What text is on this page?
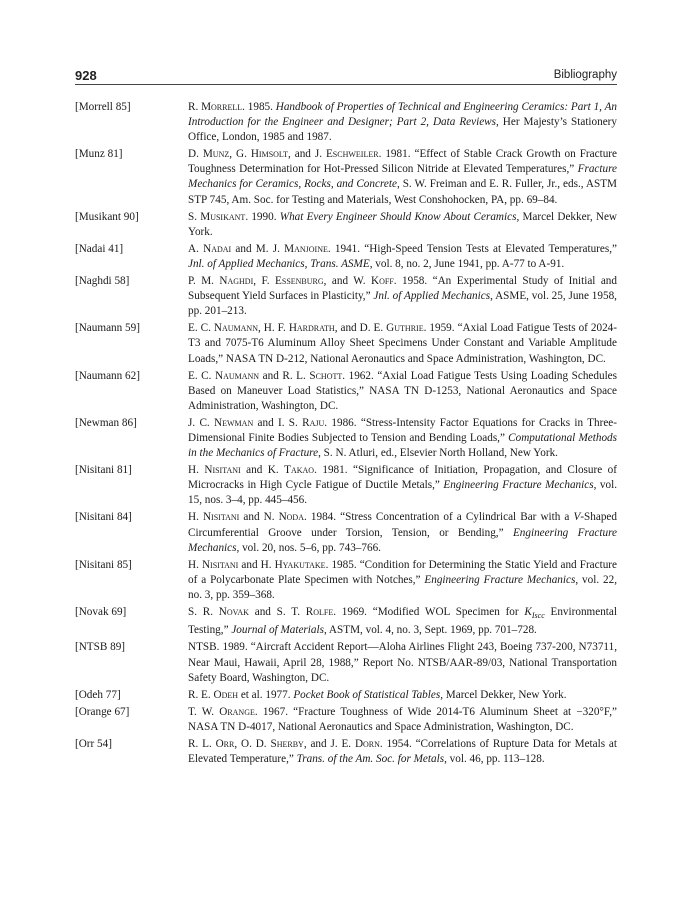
928	Bibliography
[Morrell 85]	R. Morrell. 1985. Handbook of Properties of Technical and Engineering Ceramics: Part 1, An Introduction for the Engineer and Designer; Part 2, Data Reviews, Her Majesty’s Stationery Office, London, 1985 and 1987.
[Munz 81]	D. Munz, G. Himsolt, and J. Eschweiler. 1981. “Effect of Stable Crack Growth on Fracture Toughness Determination for Hot-Pressed Silicon Nitride at Elevated Temperatures,” Fracture Mechanics for Ceramics, Rocks, and Concrete, S. W. Freiman and E. R. Fuller, Jr., eds., ASTM STP 745, Am. Soc. for Testing and Materials, West Conshohocken, PA, pp. 69–84.
[Musikant 90]	S. Musikant. 1990. What Every Engineer Should Know About Ceramics, Marcel Dekker, New York.
[Nadai 41]	A. Nadai and M. J. Manjoine. 1941. “High-Speed Tension Tests at Elevated Temperatures,” Jnl. of Applied Mechanics, Trans. ASME, vol. 8, no. 2, June 1941, pp. A-77 to A-91.
[Naghdi 58]	P. M. Naghdi, F. Essenburg, and W. Koff. 1958. “An Experimental Study of Initial and Subsequent Yield Surfaces in Plasticity,” Jnl. of Applied Mechanics, ASME, vol. 25, June 1958, pp. 201–213.
[Naumann 59]	E. C. Naumann, H. F. Hardrath, and D. E. Guthrie. 1959. “Axial Load Fatigue Tests of 2024-T3 and 7075-T6 Aluminum Alloy Sheet Specimens Under Constant and Variable Amplitude Loads,” NASA TN D-212, National Aeronautics and Space Administration, Washington, DC.
[Naumann 62]	E. C. Naumann and R. L. Schott. 1962. “Axial Load Fatigue Tests Using Loading Schedules Based on Maneuver Load Statistics,” NASA TN D-1253, National Aeronautics and Space Administration, Washington, DC.
[Newman 86]	J. C. Newman and I. S. Raju. 1986. “Stress-Intensity Factor Equations for Cracks in Three-Dimensional Finite Bodies Subjected to Tension and Bending Loads,” Computational Methods in the Mechanics of Fracture, S. N. Atluri, ed., Elsevier North Holland, New York.
[Nisitani 81]	H. Nisitani and K. Takao. 1981. “Significance of Initiation, Propagation, and Closure of Microcracks in High Cycle Fatigue of Ductile Metals,” Engineering Fracture Mechanics, vol. 15, nos. 3–4, pp. 445–456.
[Nisitani 84]	H. Nisitani and N. Noda. 1984. “Stress Concentration of a Cylindrical Bar with a V-Shaped Circumferential Groove under Torsion, Tension, or Bending,” Engineering Fracture Mechanics, vol. 20, nos. 5–6, pp. 743–766.
[Nisitani 85]	H. Nisitani and H. Hyakutake. 1985. “Condition for Determining the Static Yield and Fracture of a Polycarbonate Plate Specimen with Notches,” Engineering Fracture Mechanics, vol. 22, no. 3, pp. 359–368.
[Novak 69]	S. R. Novak and S. T. Rolfe. 1969. “Modified WOL Specimen for $K_{Iscc}$ Environmental Testing,” Journal of Materials, ASTM, vol. 4, no. 3, Sept. 1969, pp. 701–728.
[NTSB 89]	NTSB. 1989. “Aircraft Accident Report—Aloha Airlines Flight 243, Boeing 737-200, N73711, Near Maui, Hawaii, April 28, 1988,” Report No. NTSB/AAR-89/03, National Transportation Safety Board, Washington, DC.
[Odeh 77]	R. E. Odeh et al. 1977. Pocket Book of Statistical Tables, Marcel Dekker, New York.
[Orange 67]	T. W. Orange. 1967. “Fracture Toughness of Wide 2014-T6 Aluminum Sheet at −320°F,” NASA TN D-4017, National Aeronautics and Space Administration, Washington, DC.
[Orr 54]	R. L. Orr, O. D. Sherby, and J. E. Dorn. 1954. “Correlations of Rupture Data for Metals at Elevated Temperature,” Trans. of the Am. Soc. for Metals, vol. 46, pp. 113–128.
